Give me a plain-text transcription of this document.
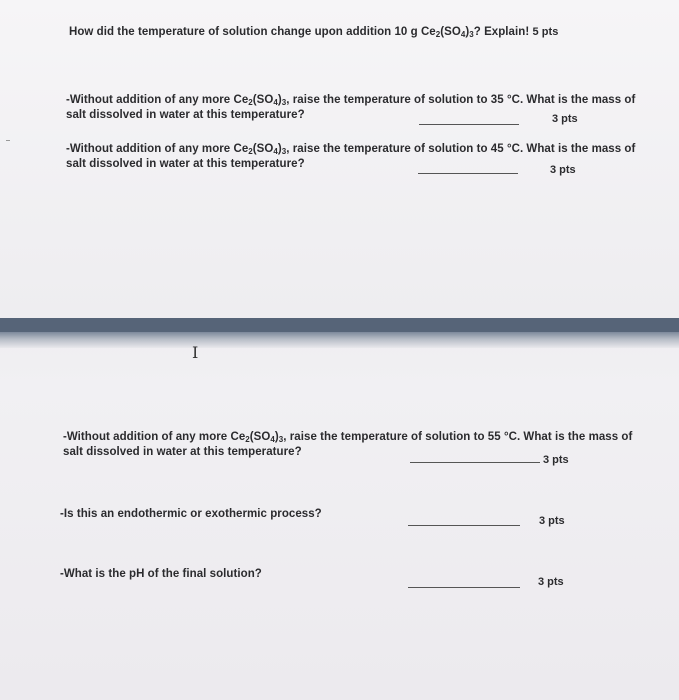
How did the temperature of solution change upon addition 10 g $Ce_2(SO_4)_3$? Explain! 5 pts
-Without addition of any more $Ce_2(SO_4)_3$, raise the temperature of solution to 35 °C. What is the mass of
salt dissolved in water at this temperature?	3 pts
-Without addition of any more $Ce_2(SO_4)_3$, raise the temperature of solution to 45 °C. What is the mass of
salt dissolved in water at this temperature?	3 pts
I
-Without addition of any more $Ce_2(SO_4)_3$, raise the temperature of solution to 55 °C. What is the mass of
salt dissolved in water at this temperature?
3 pts
-Is this an endothermic or exothermic process?
3 pts
-What is the pH of the final solution?
3 pts
